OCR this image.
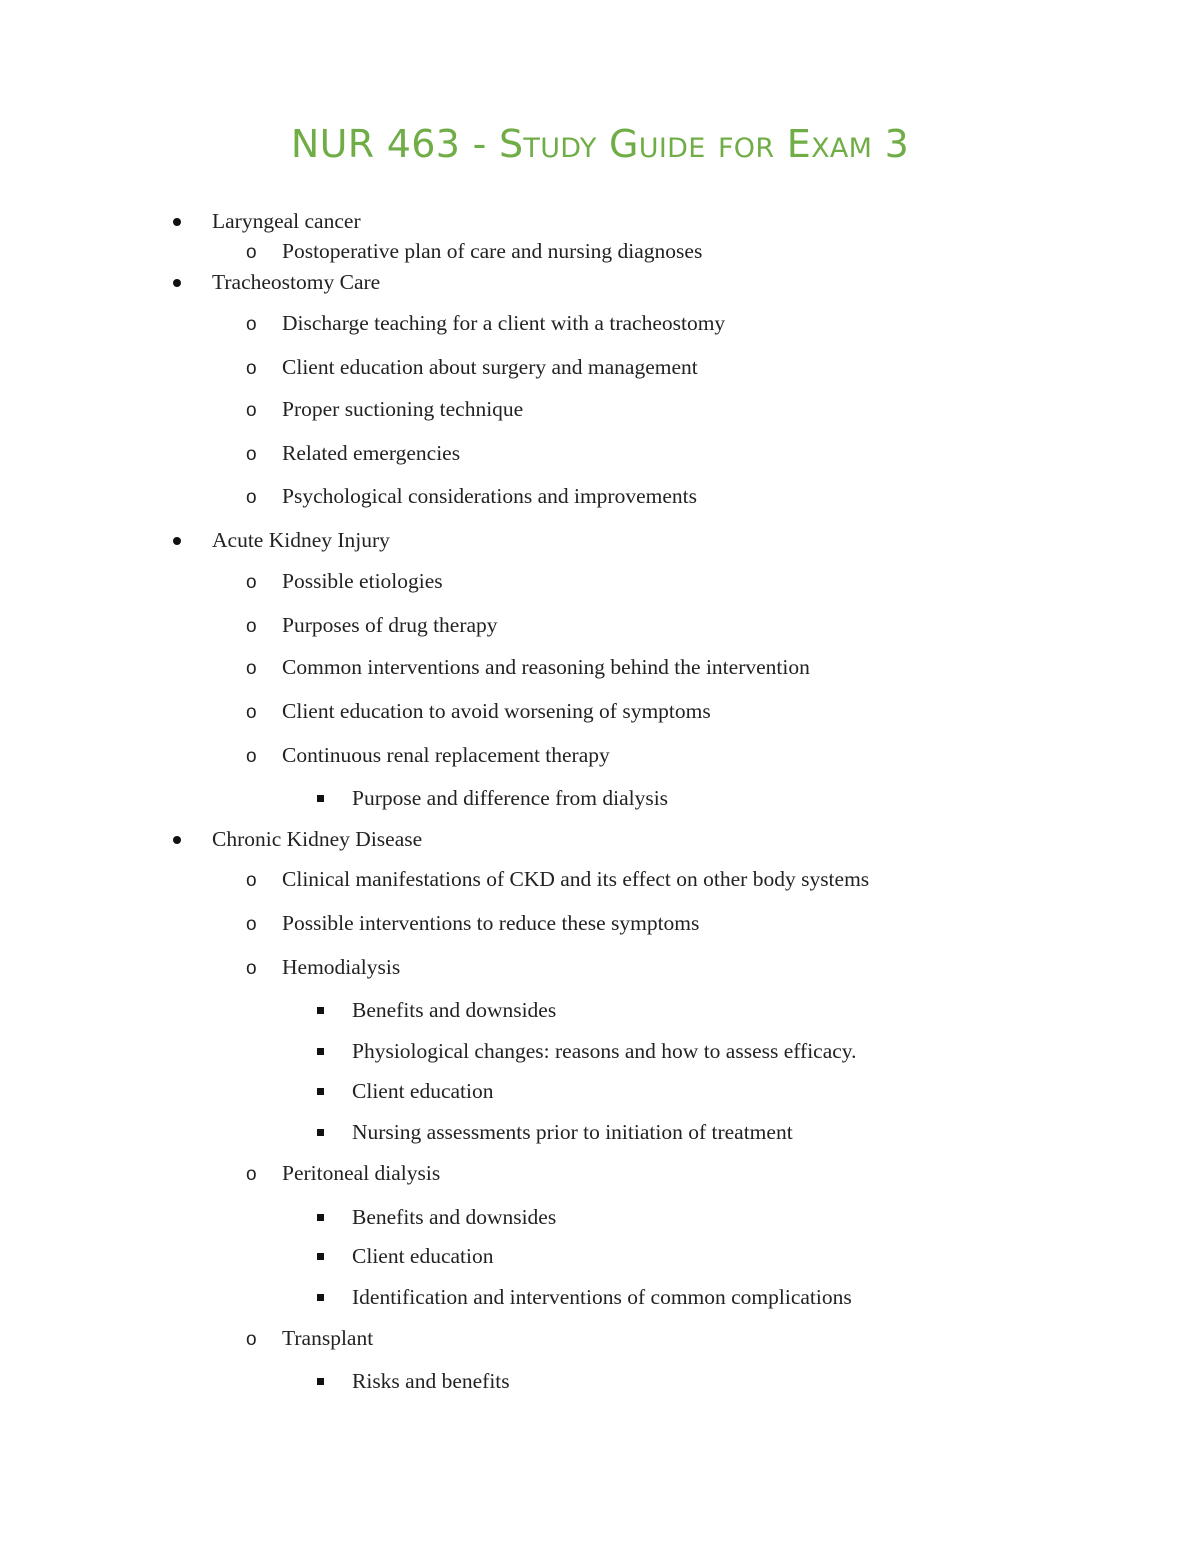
NUR 463 - Study Guide for Exam 3
Laryngeal cancer
o Postoperative plan of care and nursing diagnoses
Tracheostomy Care
o Discharge teaching for a client with a tracheostomy
o Client education about surgery and management
o Proper suctioning technique
o Related emergencies
o Psychological considerations and improvements
Acute Kidney Injury
o Possible etiologies
o Purposes of drug therapy
o Common interventions and reasoning behind the intervention
o Client education to avoid worsening of symptoms
o Continuous renal replacement therapy
Purpose and difference from dialysis
Chronic Kidney Disease
o Clinical manifestations of CKD and its effect on other body systems
o Possible interventions to reduce these symptoms
o Hemodialysis
Benefits and downsides
Physiological changes: reasons and how to assess efficacy.
Client education
Nursing assessments prior to initiation of treatment
o Peritoneal dialysis
Benefits and downsides
Client education
Identification and interventions of common complications
o Transplant
Risks and benefits
